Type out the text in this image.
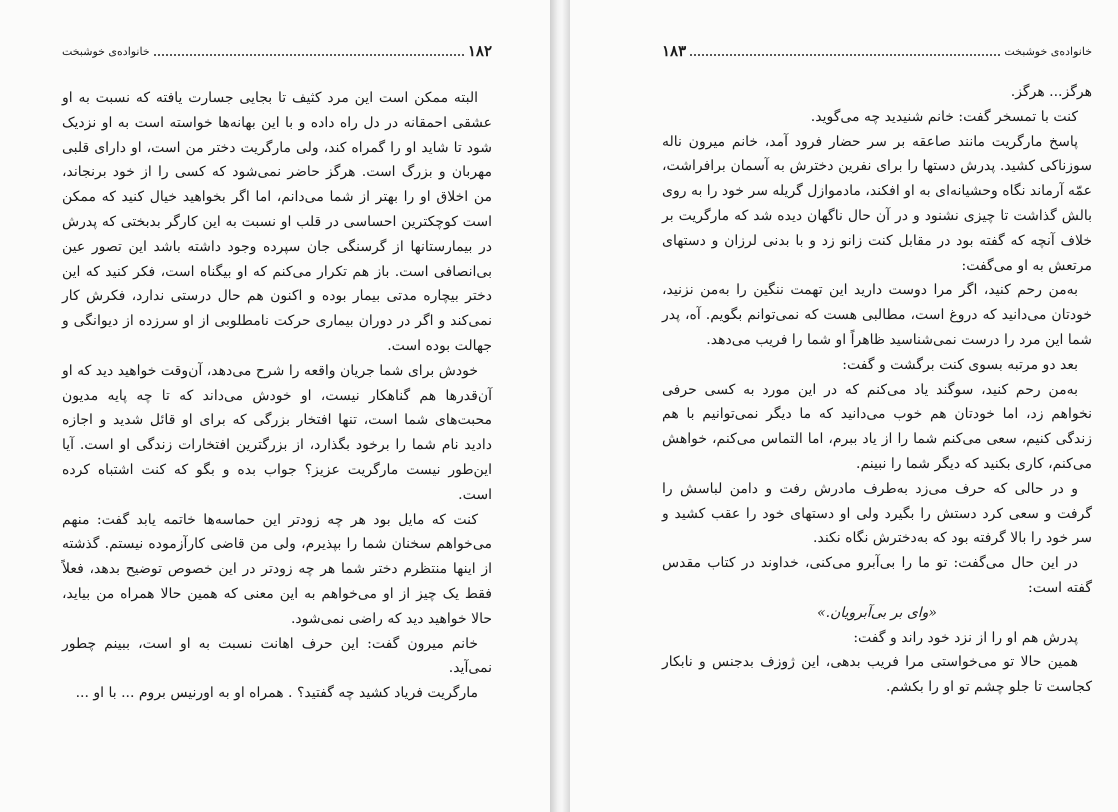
۱۸۲
خانواده‌ی خوشبخت

البته ممکن است این مرد کثیف تا بجایی جسارت یافته که نسبت به او عشقی احمقانه در دل راه داده و با این بهانه‌ها خواسته است به او نزدیک شود تا شاید او را گمراه کند، ولی مارگریت دختر من است، او دارای قلبی مهربان و بزرگ است. هرگز حاضر نمی‌شود که کسی را از خود برنجاند، من اخلاق او را بهتر از شما می‌دانم، اما اگر بخواهید خیال کنید که ممکن است کوچکترین احساسی در قلب او نسبت به این کارگر بدبختی که پدرش در بیمارستانها از گرسنگی جان سپرده وجود داشته باشد این تصور عین بی‌انصافی است. باز هم تکرار می‌کنم که او بیگناه است، فکر کنید که این دختر بیچاره مدتی بیمار بوده و اکنون هم حال درستی ندارد، فکرش کار نمی‌کند و اگر در دوران بیماری حرکت نامطلوبی از او سرزده از دیوانگی و جهالت بوده است.

خودش برای شما جریان واقعه را شرح می‌دهد، آن‌وقت خواهید دید که او آن‌قدرها هم گناهکار نیست، او خودش می‌داند که تا چه پایه مدیون محبت‌های شما است، تنها افتخار بزرگی که برای او قائل شدید و اجازه دادید نام شما را برخود بگذارد، از بزرگترین افتخارات زندگی او است. آیا این‌طور نیست مارگریت عزیز؟ جواب بده و بگو که کنت اشتباه کرده است.

کنت که مایل بود هر چه زودتر این حماسه‌ها خاتمه یابد گفت: منهم می‌خواهم سخنان شما را بپذیرم، ولی من قاضی کارآزموده نیستم. گذشته از اینها منتظرم دختر شما هر چه زودتر در این خصوص توضیح بدهد، فعلاً فقط یک چیز از او می‌خواهم به این معنی که همین حالا همراه من بیاید، حالا خواهید دید که راضی نمی‌شود.

خانم میرون گفت: این حرف اهانت نسبت به او است، ببینم چطور نمی‌آید.

مارگریت فریاد کشید چه گفتید؟ . همراه او به اورنیس بروم ... با او ...

خانواده‌ی خوشبخت
۱۸۳

هرگز... هرگز.

کنت با تمسخر گفت: خانم شنیدید چه می‌گوید.

پاسخ مارگریت مانند صاعقه بر سر حضار فرود آمد، خانم میرون ناله سوزناکی کشید. پدرش دستها را برای نفرین دخترش به آسمان برافراشت، عمّه آرماند نگاه وحشیانه‌ای به او افکند، مادموازل گریله سر خود را به روی بالش گذاشت تا چیزی نشنود و در آن حال ناگهان دیده شد که مارگریت بر خلاف آنچه که گفته بود در مقابل کنت زانو زد و با بدنی لرزان و دستهای مرتعش به او می‌گفت:

به‌من رحم کنید، اگر مرا دوست دارید این تهمت ننگین را به‌من نزنید، خودتان می‌دانید که دروغ است، مطالبی هست که نمی‌توانم بگویم. آه، پدر شما این مرد را درست نمی‌شناسید ظاهراً او شما را فریب می‌دهد.

بعد دو مرتبه بسوی کنت برگشت و گفت:

به‌من رحم کنید، سوگند یاد می‌کنم که در این مورد به کسی حرفی نخواهم زد، اما خودتان هم خوب می‌دانید که ما دیگر نمی‌توانیم با هم زندگی کنیم، سعی می‌کنم شما را از یاد ببرم، اما التماس می‌کنم، خواهش می‌کنم، کاری بکنید که دیگر شما را نبینم.

و در حالی که حرف می‌زد به‌طرف مادرش رفت و دامن لباسش را گرفت و سعی کرد دستش را بگیرد ولی او دستهای خود را عقب کشید و سر خود را بالا گرفته بود که به‌دخترش نگاه نکند.

در این حال می‌گفت: تو ما را بی‌آبرو می‌کنی، خداوند در کتاب مقدس گفته است:

«وای بر بی‌آبرویان.»

پدرش هم او را از نزد خود راند و گفت:

همین حالا تو می‌خواستی مرا فریب بدهی، این ژوزف بدجنس و نابکار کجاست تا جلو چشم تو او را بکشم.
